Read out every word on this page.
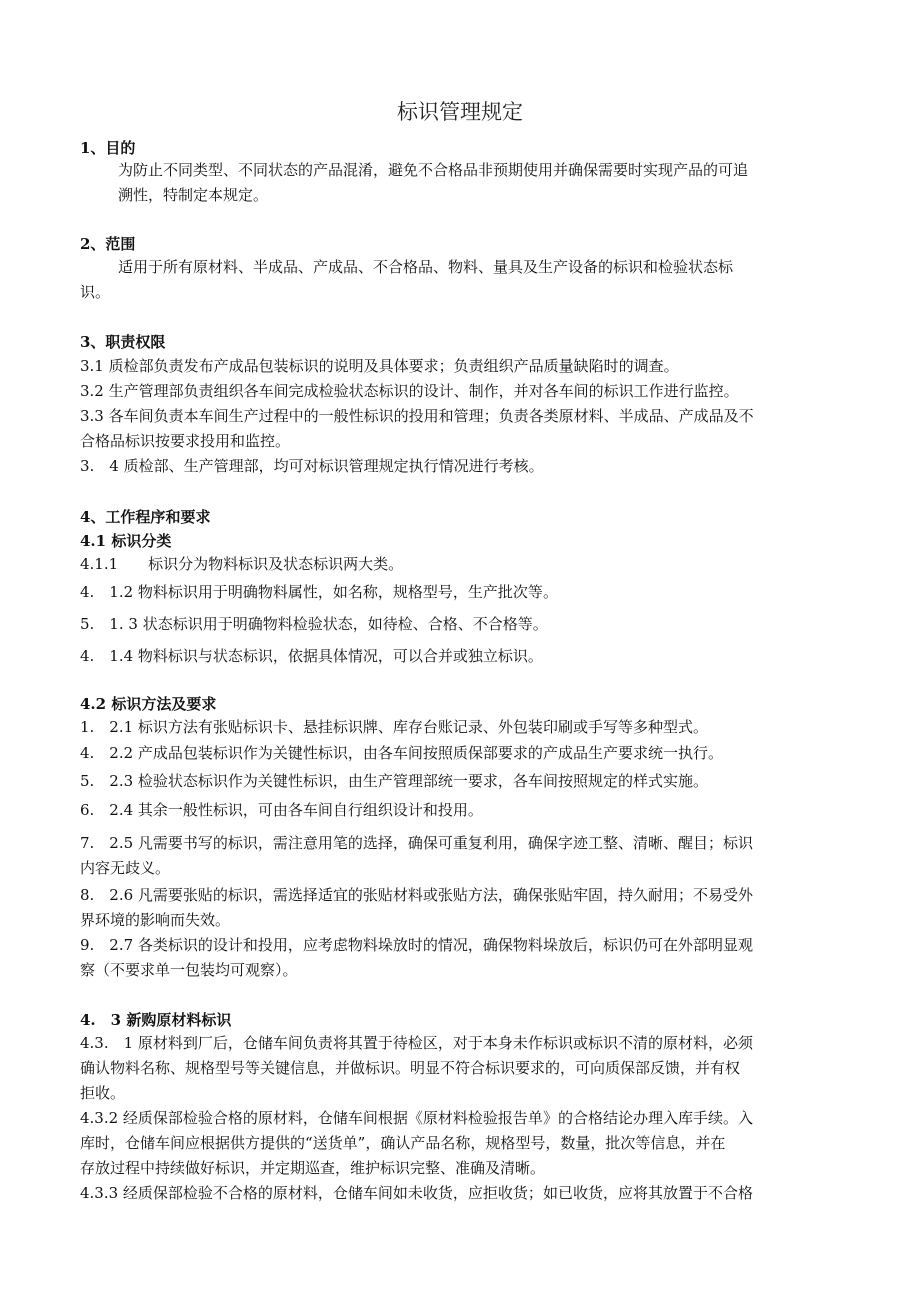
标识管理规定
1、目的
为防止不同类型、不同状态的产品混淆，避免不合格品非预期使用并确保需要时实现产品的可追
溯性，特制定本规定。
2、范围
适用于所有原材料、半成品、产成品、不合格品、物料、量具及生产设备的标识和检验状态标
识。
3、职责权限
3.1 质检部负责发布产成品包装标识的说明及具体要求；负责组织产品质量缺陷时的调查。
3.2 生产管理部负责组织各车间完成检验状态标识的设计、制作，并对各车间的标识工作进行监控。
3.3 各车间负责本车间生产过程中的一般性标识的投用和管理；负责各类原材料、半成品、产成品及不
合格品标识按要求投用和监控。
3.　4 质检部、生产管理部，均可对标识管理规定执行情况进行考核。
4、工作程序和要求
4.1 标识分类
4.1.1　　标识分为物料标识及状态标识两大类。
4.　1.2 物料标识用于明确物料属性，如名称，规格型号，生产批次等。
5.　1. 3 状态标识用于明确物料检验状态，如待检、合格、不合格等。
4.　1.4 物料标识与状态标识，依据具体情况，可以合并或独立标识。
4.2 标识方法及要求
1.　2.1 标识方法有张贴标识卡、悬挂标识牌、库存台账记录、外包装印刷或手写等多种型式。
4.　2.2 产成品包装标识作为关键性标识，由各车间按照质保部要求的产成品生产要求统一执行。
5.　2.3 检验状态标识作为关键性标识，由生产管理部统一要求，各车间按照规定的样式实施。
6.　2.4 其余一般性标识，可由各车间自行组织设计和投用。
7.　2.5 凡需要书写的标识，需注意用笔的选择，确保可重复利用，确保字迹工整、清晰、醒目；标识
内容无歧义。
8.　2.6 凡需要张贴的标识，需选择适宜的张贴材料或张贴方法，确保张贴牢固，持久耐用；不易受外
界环境的影响而失效。
9.　2.7 各类标识的设计和投用，应考虑物料垛放时的情况，确保物料垛放后，标识仍可在外部明显观
察（不要求单一包装均可观察）。
4.　3 新购原材料标识
4.3.　1 原材料到厂后，仓储车间负责将其置于待检区，对于本身未作标识或标识不清的原材料，必须
确认物料名称、规格型号等关键信息，并做标识。明显不符合标识要求的，可向质保部反馈，并有权
拒收。
4.3.2 经质保部检验合格的原材料，仓储车间根据《原材料检验报告单》的合格结论办理入库手续。入
库时，仓储车间应根据供方提供的“送货单”，确认产品名称，规格型号，数量，批次等信息，并在
存放过程中持续做好标识，并定期巡查，维护标识完整、准确及清晰。
4.3.3 经质保部检验不合格的原材料，仓储车间如未收货，应拒收货；如已收货，应将其放置于不合格
